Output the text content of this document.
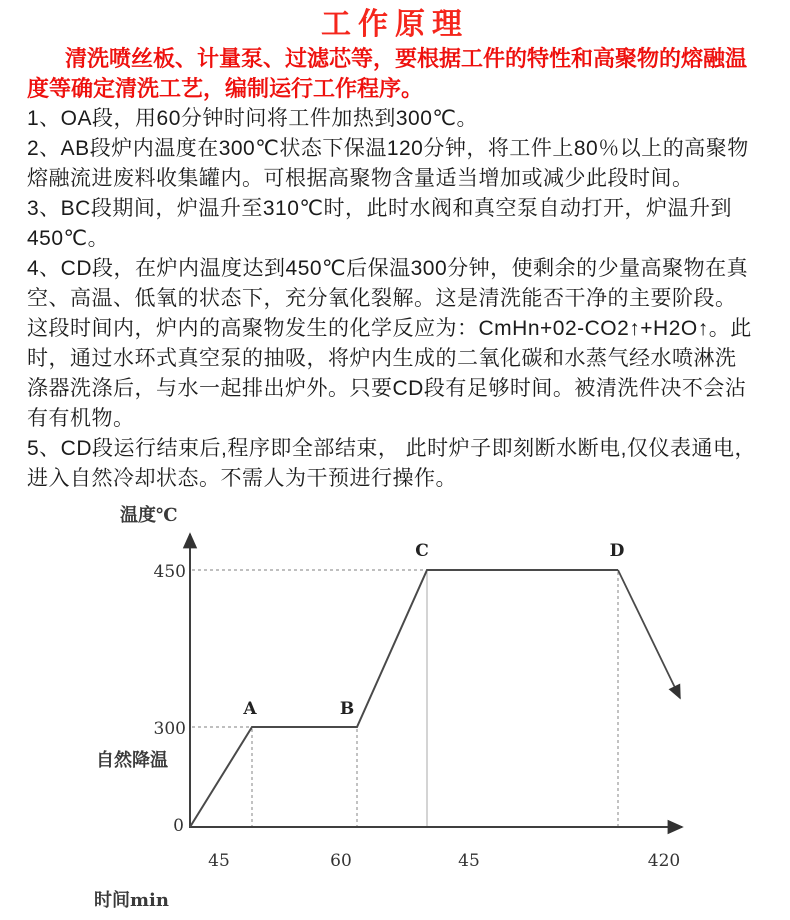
工作原理
清洗喷丝板、计量泵、过滤芯等，要根据工件的特性和高聚物的熔融温
度等确定清洗工艺，编制运行工作程序。
1、OA段，用60分钟时问将工件加热到300℃。
2、AB段炉内温度在300℃状态下保温120分钟，将工件上80％以上的高聚物
熔融流进废料收集罐内。可根据高聚物含量适当增加或减少此段时间。
3、BC段期间，炉温升至310℃时，此时水阀和真空泵自动打开，炉温升到
450℃。
4、CD段，在炉内温度达到450℃后保温300分钟，使剩余的少量高聚物在真
空、高温、低氧的状态下，充分氧化裂解。这是清洗能否干净的主要阶段。
这段时间内，炉内的高聚物发生的化学反应为：CmHn+02-CO2↑+H2O↑。此
时，通过水环式真空泵的抽吸，将炉内生成的二氧化碳和水蒸气经水喷淋洗
涤器洗涤后，与水一起排出炉外。只要CD段有足够时间。被清洗件决不会沾
有有机物。
5、CD段运行结束后,程序即全部结束， 此时炉子即刻断水断电,仅仪表通电，
进入自然冷却状态。不需人为干预进行操作。
温度℃
450
300
0
自然降温
A	B
C	D
45	60	45	420
时间min
